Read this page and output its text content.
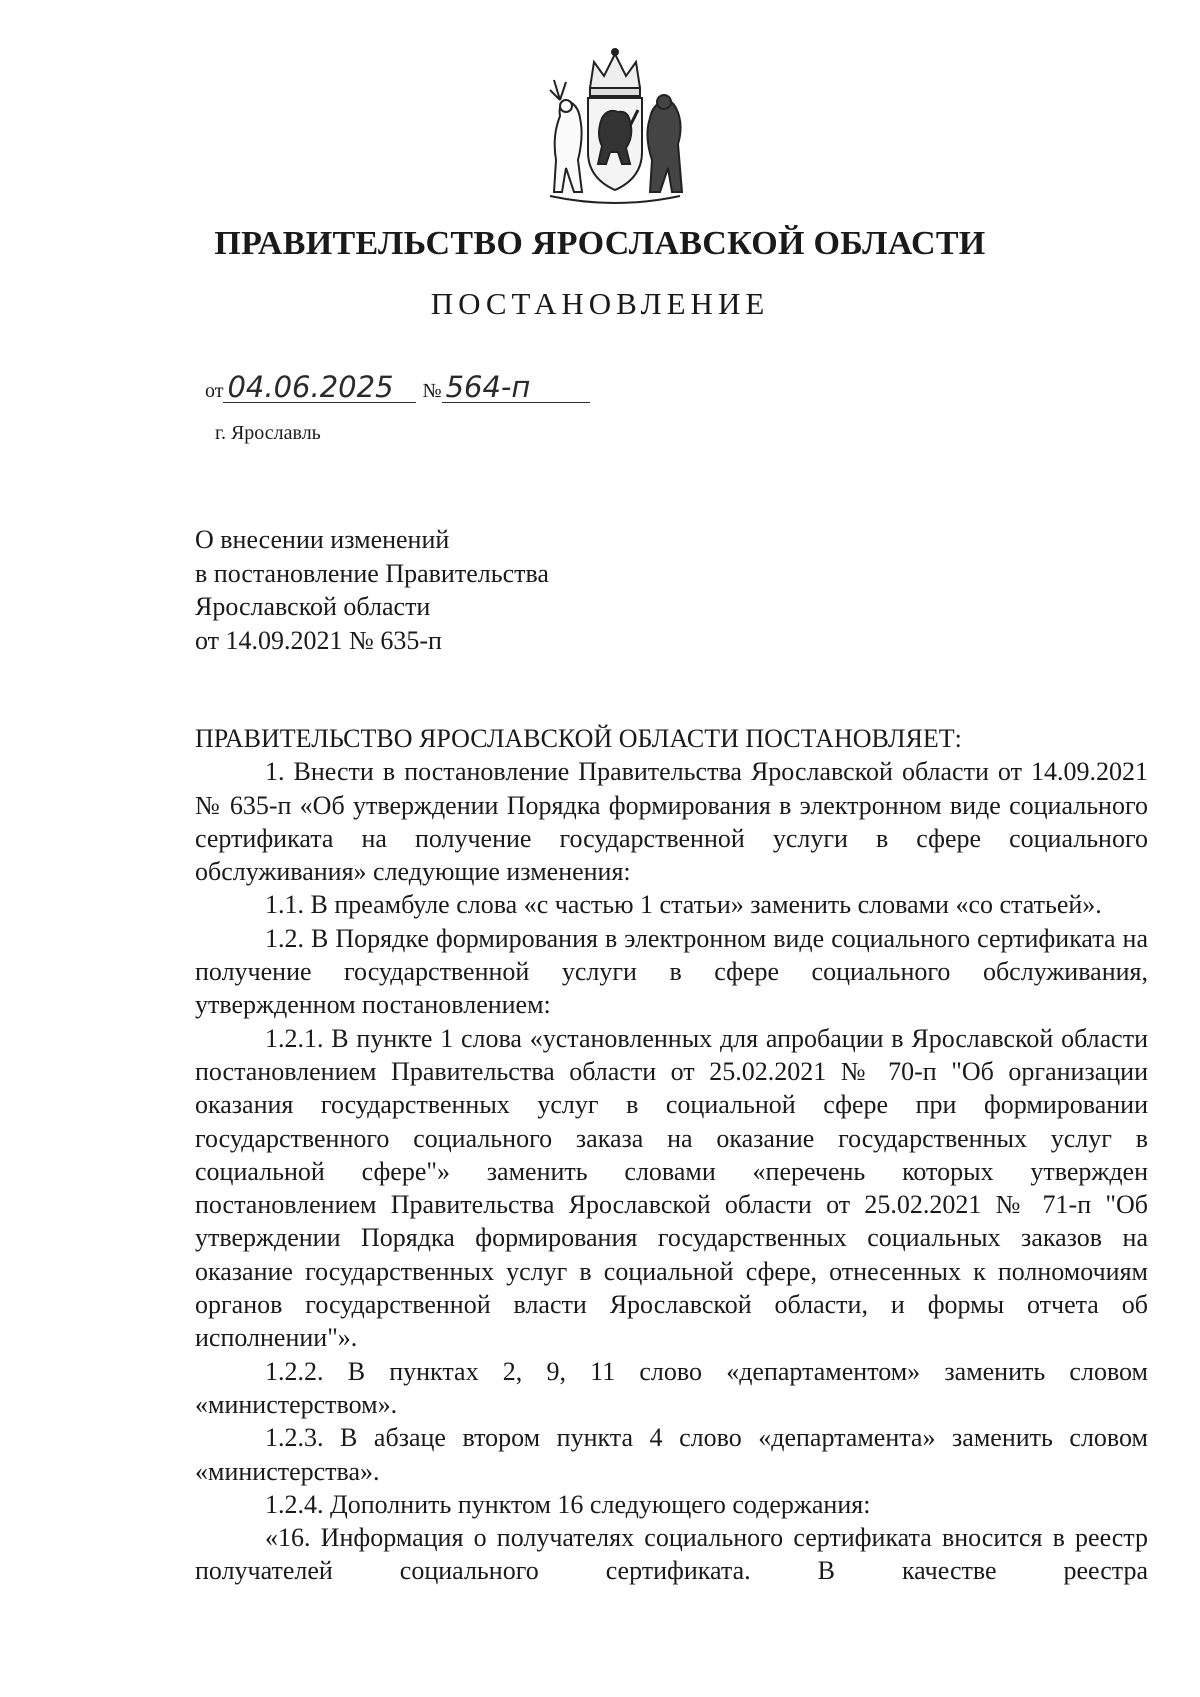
ПРАВИТЕЛЬСТВО ЯРОСЛАВСКОЙ ОБЛАСТИ
ПОСТАНОВЛЕНИЕ
от 04.06.2025	№ 564-п
г. Ярославль
О внесении изменений
в постановление Правительства
Ярославской области
от 14.09.2021 № 635-п

ПРАВИТЕЛЬСТВО ЯРОСЛАВСКОЙ ОБЛАСТИ ПОСТАНОВЛЯЕТ:

1. Внести в постановление Правительства Ярославской области от 14.09.2021 № 635-п «Об утверждении Порядка формирования в электронном виде социального сертификата на получение государственной услуги в сфере социального обслуживания» следующие изменения:

1.1. В преамбуле слова «с частью 1 статьи» заменить словами «со статьей».

1.2. В Порядке формирования в электронном виде социального сертификата на получение государственной услуги в сфере социального обслуживания, утвержденном постановлением:

1.2.1. В пункте 1 слова «установленных для апробации в Ярославской области постановлением Правительства области от 25.02.2021 № 70-п "Об организации оказания государственных услуг в социальной сфере при формировании государственного социального заказа на оказание государственных услуг в социальной сфере"» заменить словами «перечень которых утвержден постановлением Правительства Ярославской области от 25.02.2021 № 71-п "Об утверждении Порядка формирования государственных социальных заказов на оказание государственных услуг в социальной сфере, отнесенных к полномочиям органов государственной власти Ярославской области, и формы отчета об исполнении"».

1.2.2. В пунктах 2, 9, 11 слово «департаментом» заменить словом «министерством».

1.2.3. В абзаце втором пункта 4 слово «департамента» заменить словом «министерства».

1.2.4. Дополнить пунктом 16 следующего содержания:

«16. Информация о получателях социального сертификата вносится в реестр получателей социального сертификата. В качестве реестра
